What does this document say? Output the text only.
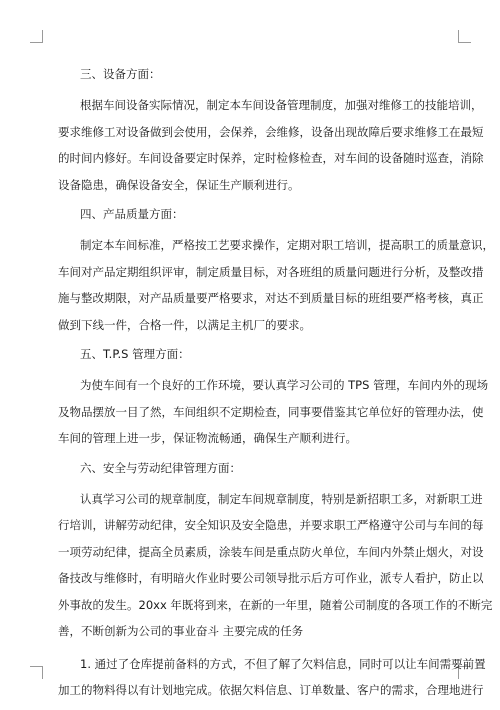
三、设备方面：
根据车间设备实际情况，制定本车间设备管理制度，加强对维修工的技能培训，
要求维修工对设备做到会使用，会保养，会维修，设备出现故障后要求维修工在最短
的时间内修好。车间设备要定时保养，定时检修检查，对车间的设备随时巡查，消除
设备隐患，确保设备安全，保证生产顺利进行。
四、产品质量方面：
制定本车间标准，严格按工艺要求操作，定期对职工培训，提高职工的质量意识，
车间对产品定期组织评审，制定质量目标，对各班组的质量问题进行分析，及整改措
施与整改期限，对产品质量要严格要求，对达不到质量目标的班组要严格考核，真正
做到下线一件，合格一件，以满足主机厂的要求。
五、T.P.S 管理方面：
为使车间有一个良好的工作环境，要认真学习公司的 TPS 管理，车间内外的现场
及物品摆放一目了然，车间组织不定期检查，同事要借鉴其它单位好的管理办法，使
车间的管理上进一步，保证物流畅通，确保生产顺利进行。
六、安全与劳动纪律管理方面：
认真学习公司的规章制度，制定车间规章制度，特别是新招职工多，对新职工进
行培训，讲解劳动纪律，安全知识及安全隐患，并要求职工严格遵守公司与车间的每
一项劳动纪律，提高全员素质，涂装车间是重点防火单位，车间内外禁止烟火，对设
备技改与维修时，有明暗火作业时要公司领导批示后方可作业，派专人看护，防止以
外事故的发生。20xx 年既将到来，在新的一年里，随着公司制度的各项工作的不断完
善，不断创新为公司的事业奋斗 主要完成的任务
1. 通过了仓库提前备料的方式，不但了解了欠料信息，同时可以让车间需要前置
加工的物料得以有计划地完成。依据欠料信息、订单数量、客户的需求，合理地进行
